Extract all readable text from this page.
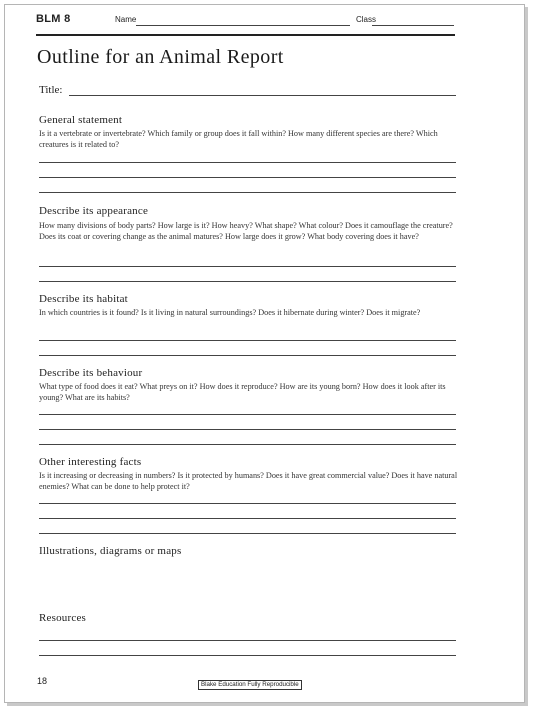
BLM 8	Name	Class
Outline for an Animal Report
Title:
General statement
Is it a vertebrate or invertebrate? Which family or group does it fall within? How many different species are there? Which creatures is it related to?
Describe its appearance
How many divisions of body parts? How large is it? How heavy? What shape? What colour? Does it camouflage the creature? Does its coat or covering change as the animal matures? How large does it grow? What body covering does it have?
Describe its habitat
In which countries is it found? Is it living in natural surroundings? Does it hibernate during winter? Does it migrate?
Describe its behaviour
What type of food does it eat? What preys on it? How does it reproduce? How are its young born? How does it look after its young? What are its habits?
Other interesting facts
Is it increasing or decreasing in numbers? Is it protected by humans? Does it have great commercial value? Does it have natural enemies? What can be done to help protect it?
Illustrations, diagrams or maps
Resources
18	Blake Education Fully Reproducible
